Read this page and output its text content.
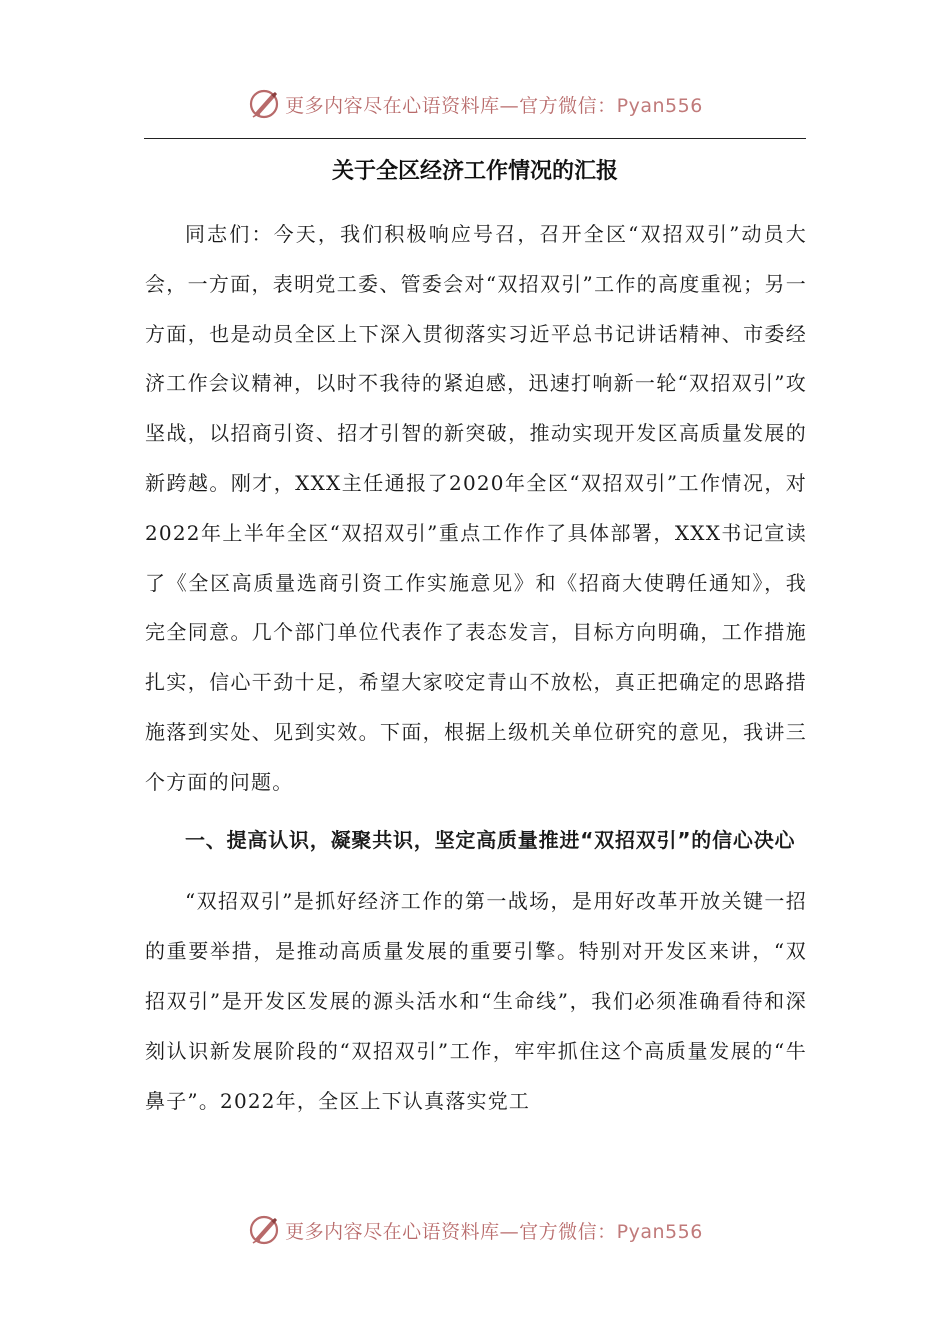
更多内容尽在心语资料库—官方微信：Pyan556
关于全区经济工作情况的汇报

同志们：今天，我们积极响应号召，召开全区“双招双引”动员大会，一方面，表明党工委、管委会对“双招双引”工作的高度重视；另一方面，也是动员全区上下深入贯彻落实习近平总书记讲话精神、市委经济工作会议精神，以时不我待的紧迫感，迅速打响新一轮“双招双引”攻坚战，以招商引资、招才引智的新突破，推动实现开发区高质量发展的新跨越。刚才，XXX主任通报了2020年全区“双招双引”工作情况，对2022年上半年全区“双招双引”重点工作作了具体部署，XXX书记宣读了《全区高质量选商引资工作实施意见》和《招商大使聘任通知》，我完全同意。几个部门单位代表作了表态发言，目标方向明确，工作措施扎实，信心干劲十足，希望大家咬定青山不放松，真正把确定的思路措施落到实处、见到实效。下面，根据上级机关单位研究的意见，我讲三个方面的问题。

一、提高认识，凝聚共识，坚定高质量推进“双招双引”的信心决心

“双招双引”是抓好经济工作的第一战场，是用好改革开放关键一招的重要举措，是推动高质量发展的重要引擎。特别对开发区来讲，“双招双引”是开发区发展的源头活水和“生命线”，我们必须准确看待和深刻认识新发展阶段的“双招双引”工作，牢牢抓住这个高质量发展的“牛鼻子”。2022年，全区上下认真落实党工

更多内容尽在心语资料库—官方微信：Pyan556
